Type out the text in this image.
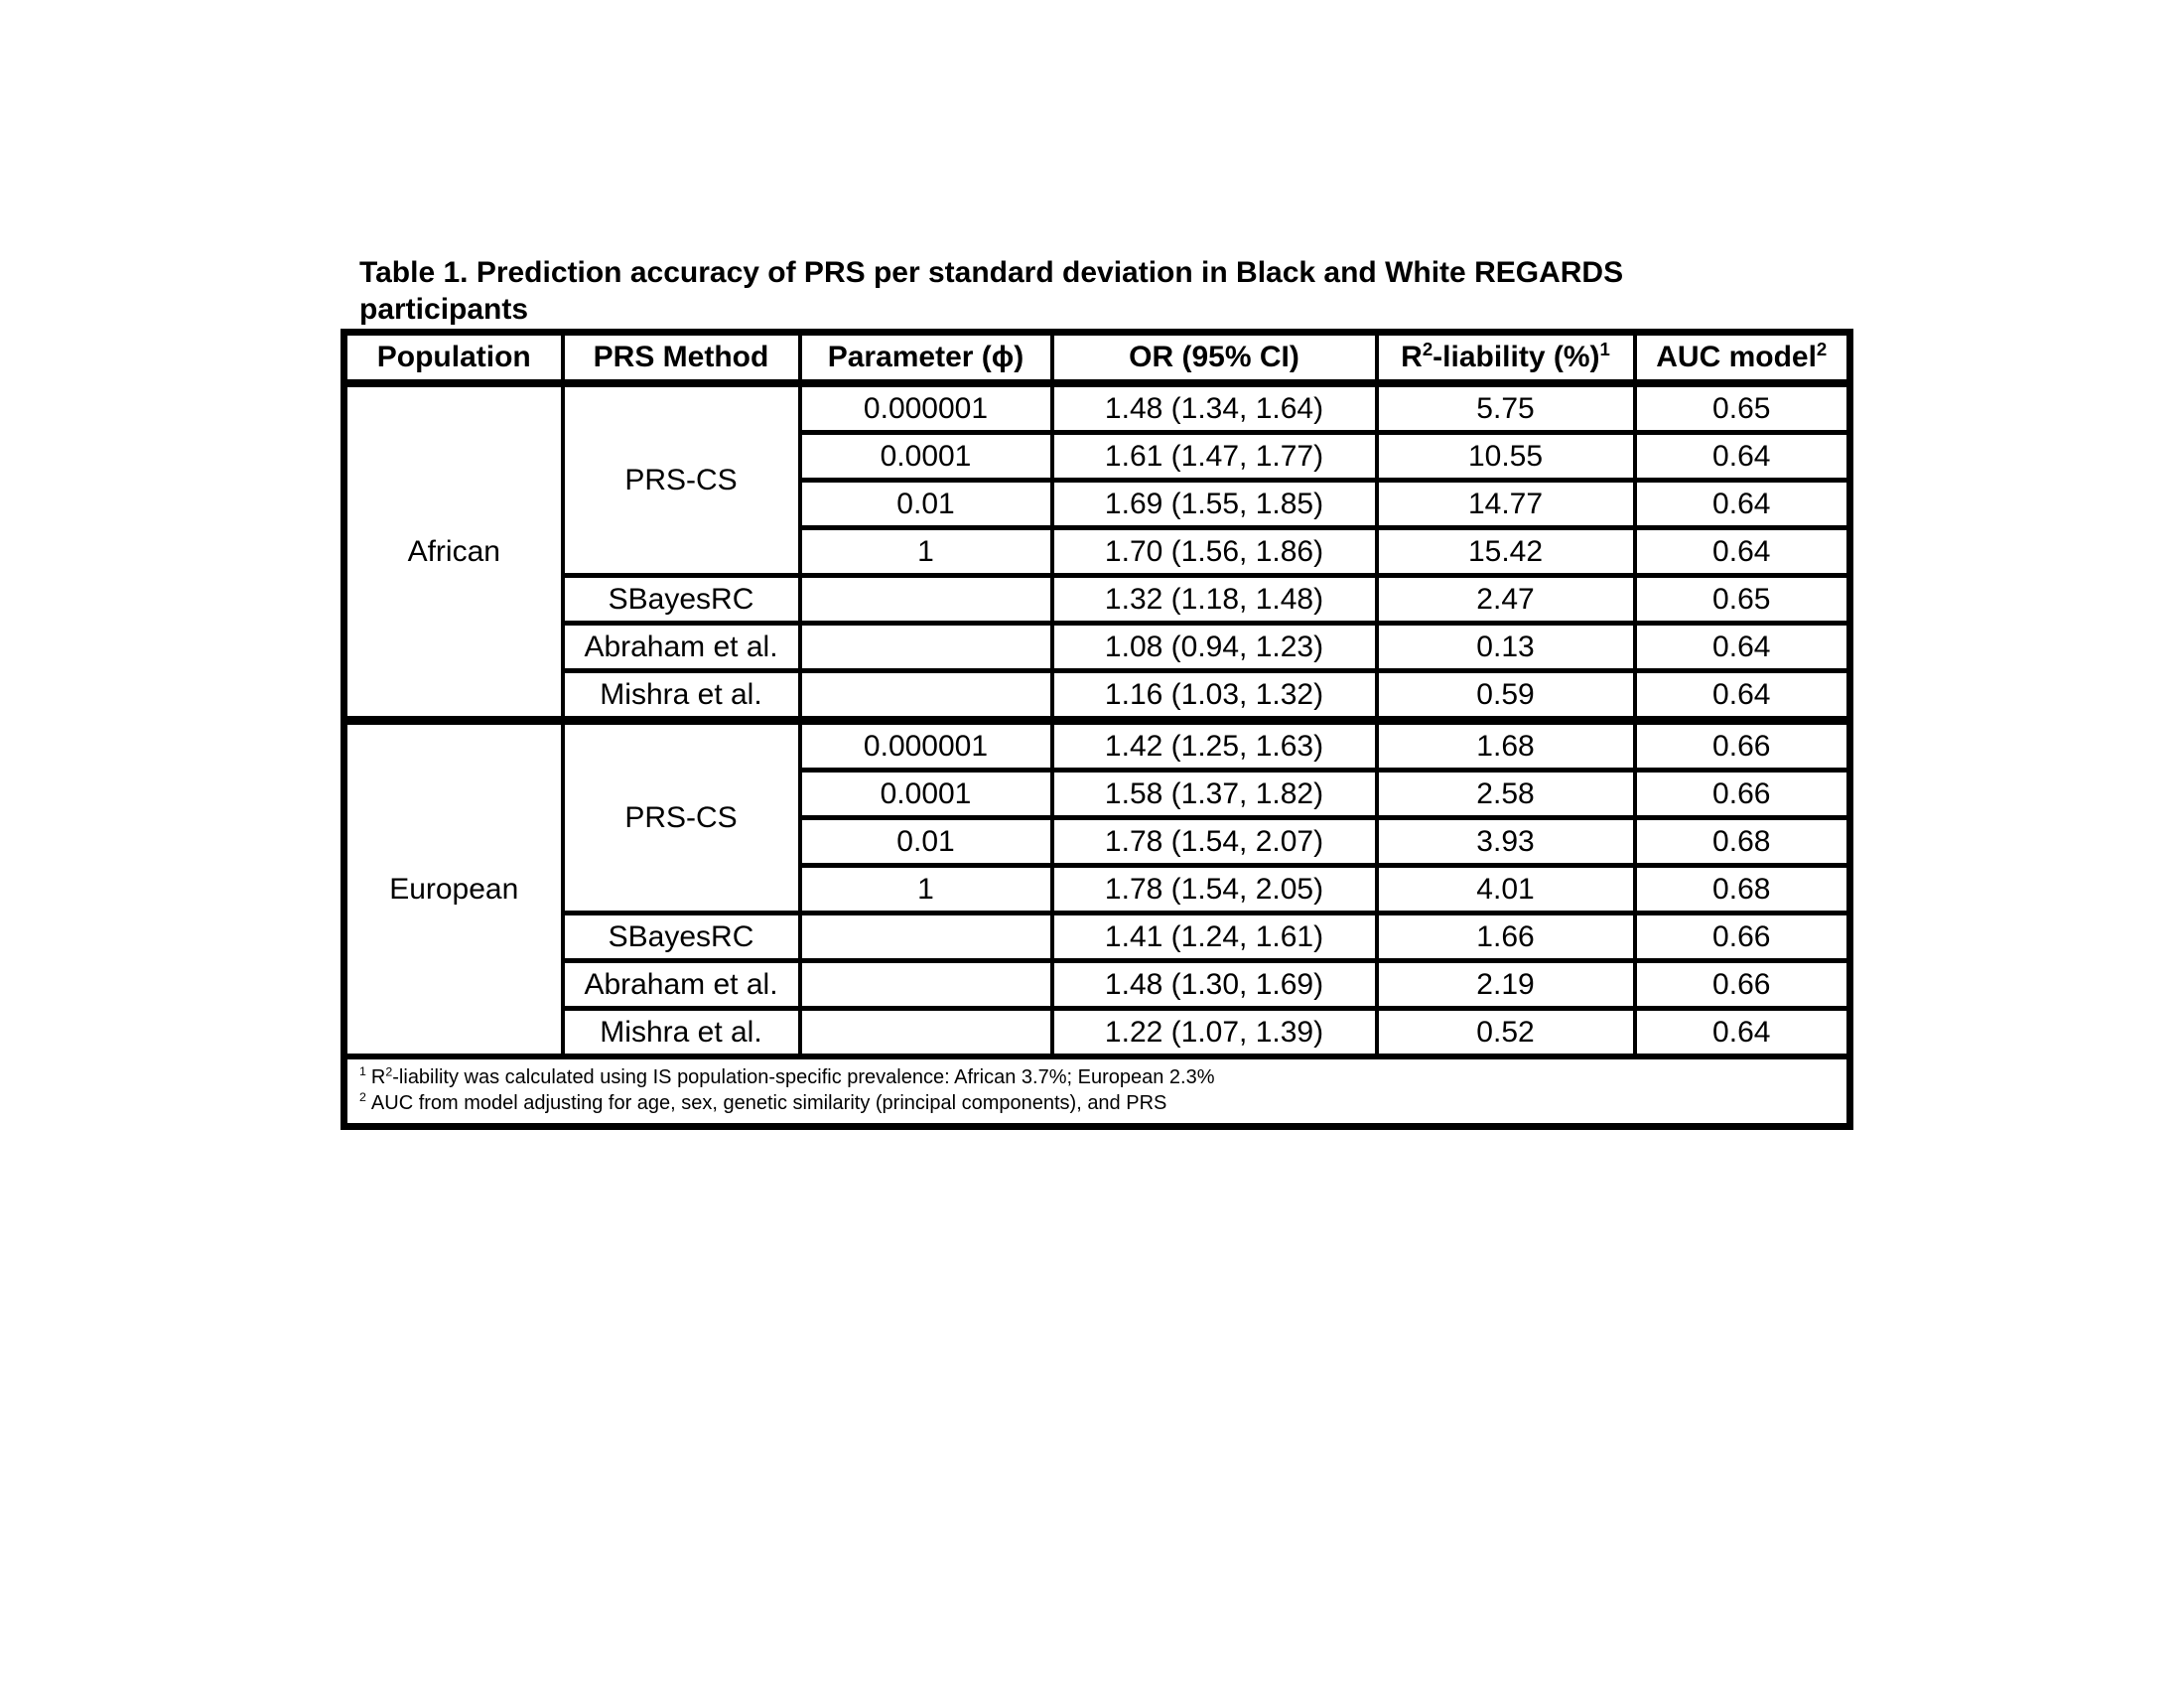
Table 1. Prediction accuracy of PRS per standard deviation in Black and White REGARDS
participants
Population	PRS Method	Parameter (ϕ)	OR (95% CI)	$R^2$-liability (%)$^1$	AUC model$^2$
African	PRS-CS	0.000001	1.48 (1.34, 1.64)	5.75	0.65
		0.0001	1.61 (1.47, 1.77)	10.55	0.64
		0.01	1.69 (1.55, 1.85)	14.77	0.64
		1	1.70 (1.56, 1.86)	15.42	0.64
	SBayesRC		1.32 (1.18, 1.48)	2.47	0.65
	Abraham et al.		1.08 (0.94, 1.23)	0.13	0.64
	Mishra et al.		1.16 (1.03, 1.32)	0.59	0.64
European	PRS-CS	0.000001	1.42 (1.25, 1.63)	1.68	0.66
		0.0001	1.58 (1.37, 1.82)	2.58	0.66
		0.01	1.78 (1.54, 2.07)	3.93	0.68
		1	1.78 (1.54, 2.05)	4.01	0.68
	SBayesRC		1.41 (1.24, 1.61)	1.66	0.66
	Abraham et al.		1.48 (1.30, 1.69)	2.19	0.66
	Mishra et al.		1.22 (1.07, 1.39)	0.52	0.64

$^1$ $R^2$-liability was calculated using IS population-specific prevalence: African 3.7%; European 2.3%
$^2$ AUC from model adjusting for age, sex, genetic similarity (principal components), and PRS					
